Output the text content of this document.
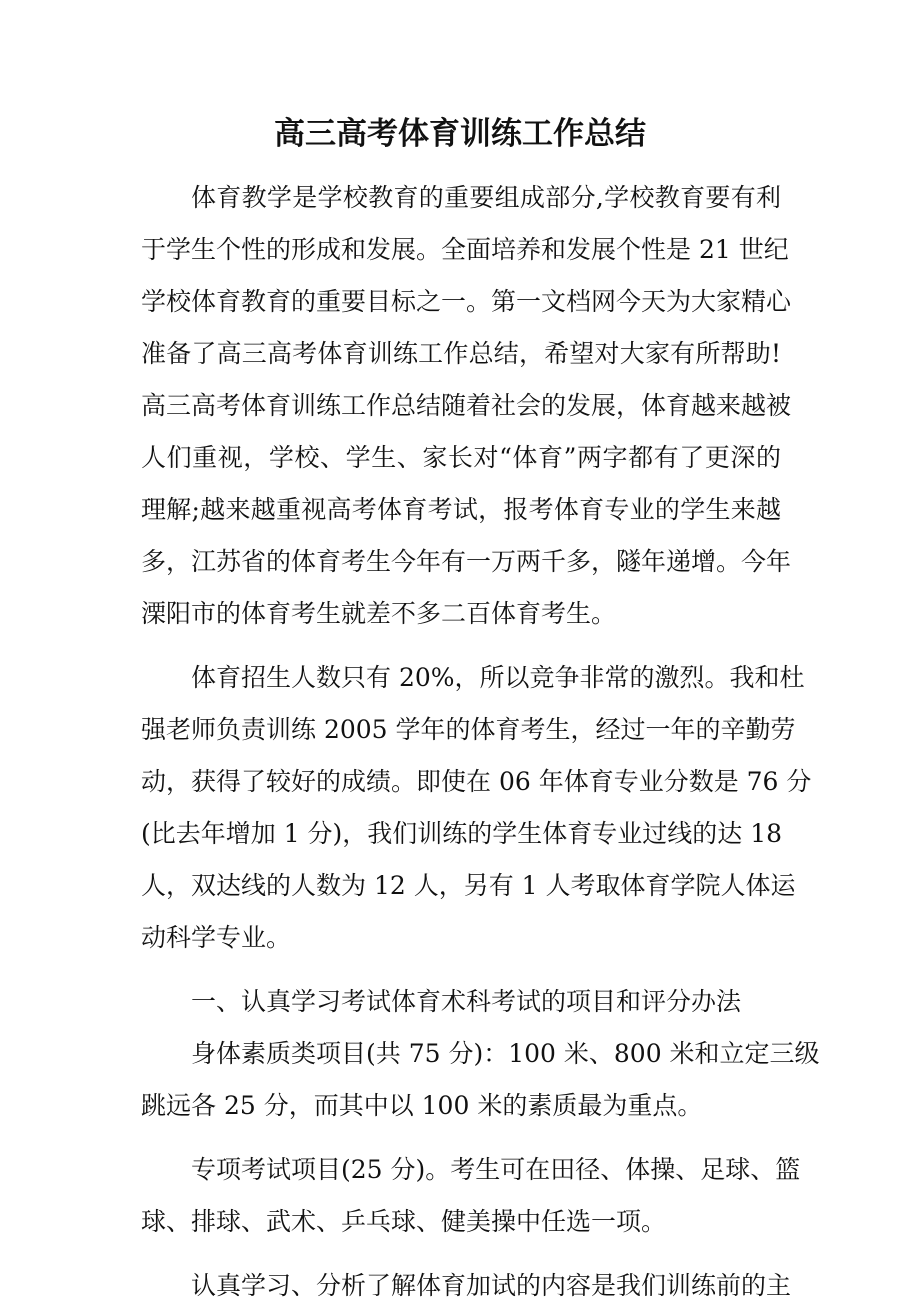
高三高考体育训练工作总结
体育教学是学校教育的重要组成部分,学校教育要有利
于学生个性的形成和发展。全面培养和发展个性是 21 世纪
学校体育教育的重要目标之一。第一文档网今天为大家精心
准备了高三高考体育训练工作总结，希望对大家有所帮助!
高三高考体育训练工作总结随着社会的发展，体育越来越被
人们重视，学校、学生、家长对“体育”两字都有了更深的
理解;越来越重视高考体育考试，报考体育专业的学生来越
多，江苏省的体育考生今年有一万两千多，隧年递增。今年
溧阳市的体育考生就差不多二百体育考生。
体育招生人数只有 20%，所以竞争非常的激烈。我和杜
强老师负责训练 2005 学年的体育考生，经过一年的辛勤劳
动，获得了较好的成绩。即使在 06 年体育专业分数是 76 分
(比去年增加 1 分)，我们训练的学生体育专业过线的达 18
人，双达线的人数为 12 人，另有 1 人考取体育学院人体运
动科学专业。
一、认真学习考试体育术科考试的项目和评分办法
身体素质类项目(共 75 分)：100 米、800 米和立定三级
跳远各 25 分，而其中以 100 米的素质最为重点。
专项考试项目(25 分)。考生可在田径、体操、足球、篮
球、排球、武术、乒乓球、健美操中任选一项。
认真学习、分析了解体育加试的内容是我们训练前的主
